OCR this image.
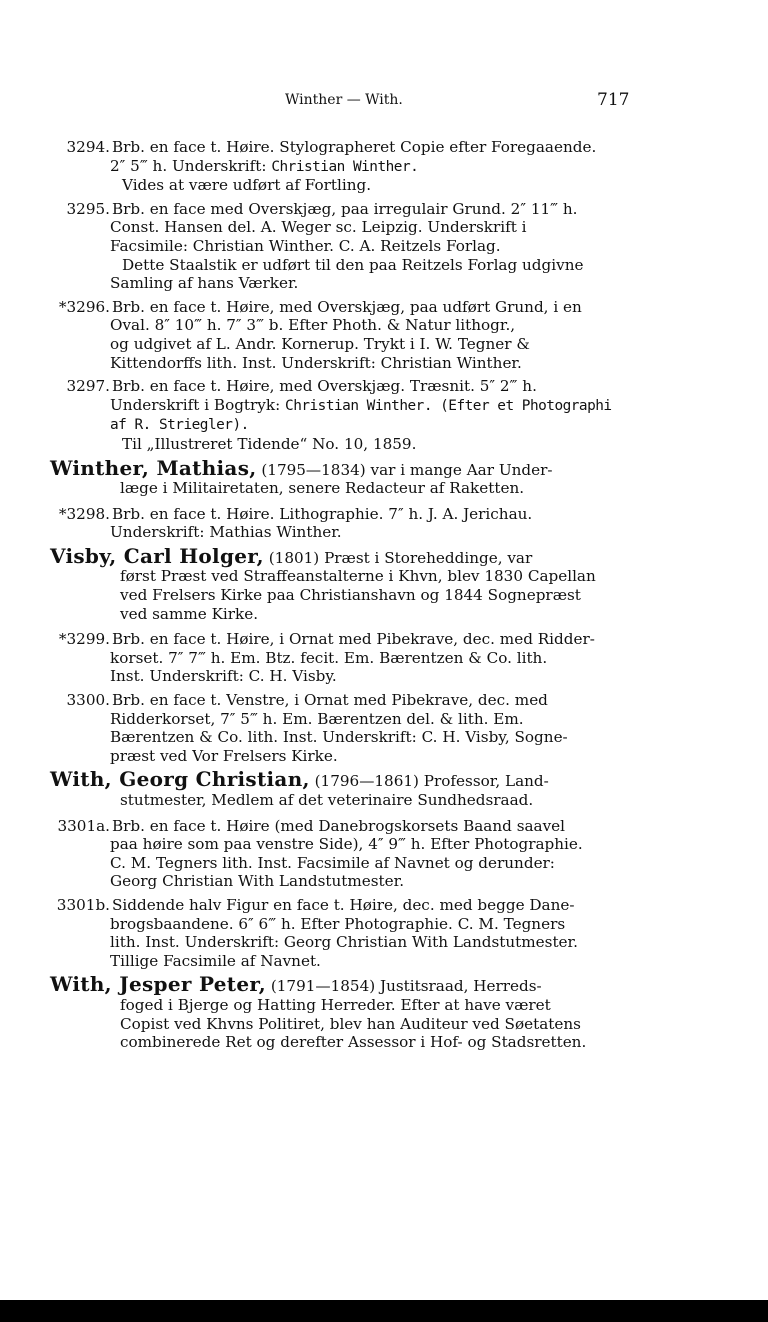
Winther — With.	717
3294. Brb. en face t. Høire. Stylographeret Copie efter Foregaaende.
2″ 5‴ h. Underskrift: Christian Winther.
Vides at være udført af Fortling.
3295. Brb. en face med Overskjæg, paa irregulair Grund. 2″ 11‴ h.
Const. Hansen del. A. Weger sc. Leipzig. Underskrift i
Facsimile: Christian Winther. C. A. Reitzels Forlag.
Dette Staalstik er udført til den paa Reitzels Forlag udgivne
Samling af hans Værker.
*3296. Brb. en face t. Høire, med Overskjæg, paa udført Grund, i en
Oval. 8″ 10‴ h. 7″ 3‴ b. Efter Photh. & Natur lithogr.,
og udgivet af L. Andr. Kornerup. Trykt i I. W. Tegner &
Kittendorffs lith. Inst. Underskrift: Christian Winther.
3297. Brb. en face t. Høire, med Overskjæg. Træsnit. 5″ 2‴ h.
Underskrift i Bogtryk: Christian Winther. (Efter et Photographi
af R. Striegler).
Til „Illustreret Tidende“ No. 10, 1859.
Winther, Mathias, (1795—1834) var i mange Aar Under-
læge i Militairetaten, senere Redacteur af Raketten.
*3298. Brb. en face t. Høire. Lithographie. 7″ h. J. A. Jerichau.
Underskrift: Mathias Winther.
Visby, Carl Holger, (1801) Præst i Storeheddinge, var
først Præst ved Straffeanstalterne i Khvn, blev 1830 Capellan
ved Frelsers Kirke paa Christianshavn og 1844 Sognepræst
ved samme Kirke.
*3299. Brb. en face t. Høire, i Ornat med Pibekrave, dec. med Ridder-
korset. 7″ 7‴ h. Em. Btz. fecit. Em. Bærentzen & Co. lith.
Inst. Underskrift: C. H. Visby.
3300. Brb. en face t. Venstre, i Ornat med Pibekrave, dec. med
Ridderkorset, 7″ 5‴ h. Em. Bærentzen del. & lith. Em.
Bærentzen & Co. lith. Inst. Underskrift: C. H. Visby, Sogne-
præst ved Vor Frelsers Kirke.
With, Georg Christian, (1796—1861) Professor, Land-
stutmester, Medlem af det veterinaire Sundhedsraad.
3301a. Brb. en face t. Høire (med Danebrogskorsets Baand saavel
paa høire som paa venstre Side), 4″ 9‴ h. Efter Photographie.
C. M. Tegners lith. Inst. Facsimile af Navnet og derunder:
Georg Christian With Landstutmester.
3301b. Siddende halv Figur en face t. Høire, dec. med begge Dane-
brogsbaandene. 6″ 6‴ h. Efter Photographie. C. M. Tegners
lith. Inst. Underskrift: Georg Christian With Landstutmester.
Tillige Facsimile af Navnet.
With, Jesper Peter, (1791—1854) Justitsraad, Herreds-
foged i Bjerge og Hatting Herreder. Efter at have været
Copist ved Khvns Politiret, blev han Auditeur ved Søetatens
combinerede Ret og derefter Assessor i Hof- og Stadsretten.
